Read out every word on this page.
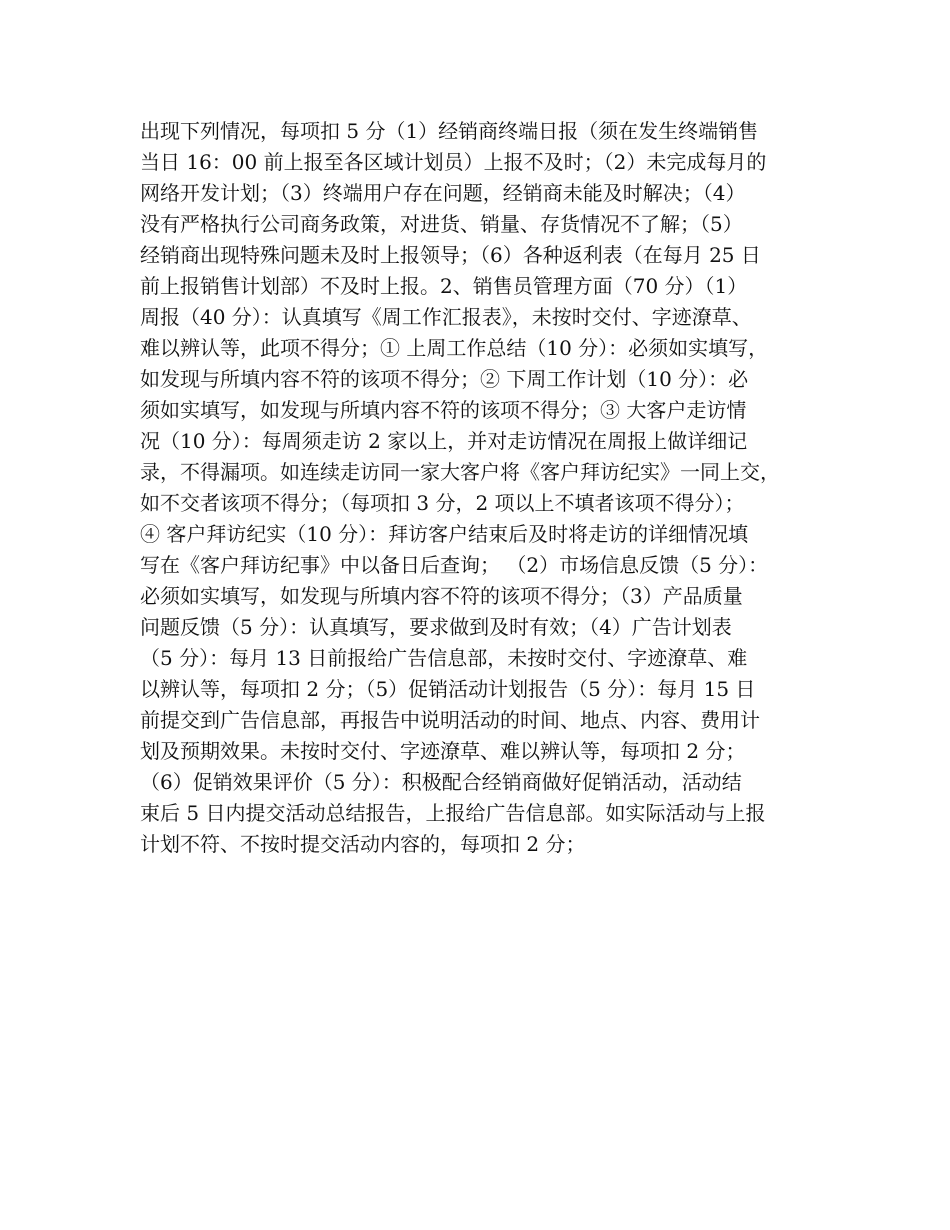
出现下列情况，每项扣 5 分（1）经销商终端日报（须在发生终端销售
当日 16：00 前上报至各区域计划员）上报不及时；（2）未完成每月的
网络开发计划；（3）终端用户存在问题，经销商未能及时解决；（4）
没有严格执行公司商务政策，对进货、销量、存货情况不了解；（5）
经销商出现特殊问题未及时上报领导；（6）各种返利表（在每月 25 日
前上报销售计划部）不及时上报。2、销售员管理方面（70 分）（1）
周报（40 分）：认真填写《周工作汇报表》，未按时交付、字迹潦草、
难以辨认等，此项不得分；① 上周工作总结（10 分）：必须如实填写，
如发现与所填内容不符的该项不得分；② 下周工作计划（10 分）：必
须如实填写，如发现与所填内容不符的该项不得分；③ 大客户走访情
况（10 分）：每周须走访 2 家以上，并对走访情况在周报上做详细记
录，不得漏项。如连续走访同一家大客户将《客户拜访纪实》一同上交，
如不交者该项不得分；（每项扣 3 分，2 项以上不填者该项不得分）；
④ 客户拜访纪实（10 分）：拜访客户结束后及时将走访的详细情况填
写在《客户拜访纪事》中以备日后查询； （2）市场信息反馈（5 分）：
必须如实填写，如发现与所填内容不符的该项不得分；（3）产品质量
问题反馈（5 分）：认真填写，要求做到及时有效；（4）广告计划表
（5 分）：每月 13 日前报给广告信息部，未按时交付、字迹潦草、难
以辨认等，每项扣 2 分；（5）促销活动计划报告（5 分）：每月 15 日
前提交到广告信息部，再报告中说明活动的时间、地点、内容、费用计
划及预期效果。未按时交付、字迹潦草、难以辨认等，每项扣 2 分；
（6）促销效果评价（5 分）：积极配合经销商做好促销活动，活动结
束后 5 日内提交活动总结报告，上报给广告信息部。如实际活动与上报
计划不符、不按时提交活动内容的，每项扣 2 分；
